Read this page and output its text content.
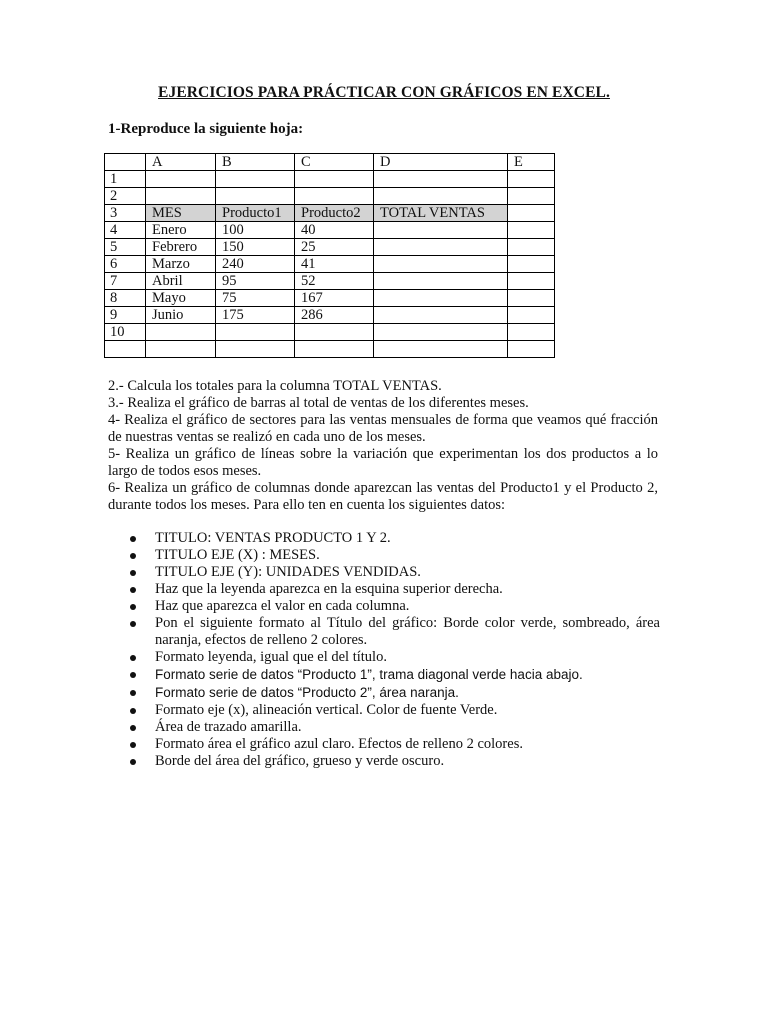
EJERCICIOS PARA PRÁCTICAR CON GRÁFICOS EN EXCEL.
1-Reproduce la siguiente hoja:
	A	B	C	D	E
1					
2					
3	MES	Producto1	Producto2	TOTAL VENTAS	
4	Enero	100	40		
5	Febrero	150	25		
6	Marzo	240	41		
7	Abril	95	52		
8	Mayo	75	167		
9	Junio	175	286		
10					

2.- Calcula los totales para la columna TOTAL VENTAS.

3.- Realiza el gráfico de barras al total de ventas de los diferentes meses.

4- Realiza el gráfico de sectores para las ventas mensuales de forma que veamos qué fracción de nuestras ventas se realizó en cada uno de los meses.

5- Realiza un gráfico de líneas sobre la variación que experimentan los dos productos a lo largo de todos esos meses.

6- Realiza un gráfico de columnas donde aparezcan las ventas del Producto1 y el Producto 2, durante todos los meses. Para ello ten en cuenta los siguientes datos:

TITULO: VENTAS PRODUCTO 1 Y 2.
TITULO EJE (X) : MESES.
TITULO EJE (Y): UNIDADES VENDIDAS.
Haz que la leyenda aparezca en la esquina superior derecha.
Haz que aparezca el valor en cada columna.
Pon el siguiente formato al Título del gráfico: Borde color verde, sombreado, área naranja, efectos de relleno 2 colores.
Formato leyenda, igual que el del título.
Formato serie de datos “Producto 1”, trama diagonal verde hacia abajo.
Formato serie de datos “Producto 2”, área naranja.
Formato eje (x), alineación vertical. Color de fuente Verde.
Área de trazado amarilla.
Formato área el gráfico azul claro. Efectos de relleno 2 colores.
Borde del área del gráfico, grueso y verde oscuro.
